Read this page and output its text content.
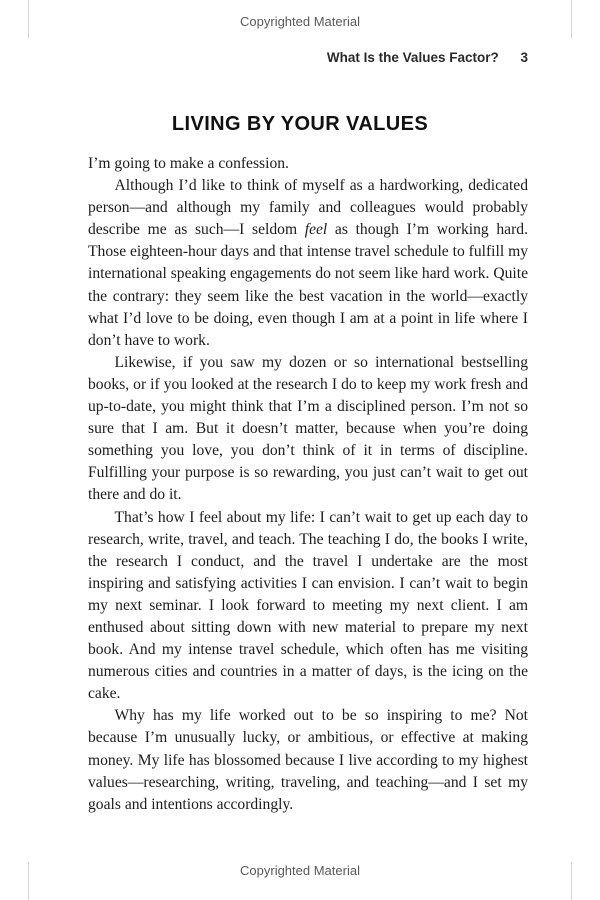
Copyrighted Material
What Is the Values Factor? 3
LIVING BY YOUR VALUES

I’m going to make a confession.

Although I’d like to think of myself as a hardworking, dedicated person—and although my family and colleagues would probably describe me as such—I seldom feel as though I’m working hard. Those eighteen-hour days and that intense travel schedule to fulfill my international speaking engagements do not seem like hard work. Quite the contrary: they seem like the best vacation in the world—exactly what I’d love to be doing, even though I am at a point in life where I don’t have to work.

Likewise, if you saw my dozen or so international bestselling books, or if you looked at the research I do to keep my work fresh and up-to-date, you might think that I’m a disciplined person. I’m not so sure that I am. But it doesn’t matter, because when you’re doing something you love, you don’t think of it in terms of discipline. Fulfilling your purpose is so rewarding, you just can’t wait to get out there and do it.

That’s how I feel about my life: I can’t wait to get up each day to research, write, travel, and teach. The teaching I do, the books I write, the research I conduct, and the travel I undertake are the most inspiring and satisfying activities I can envision. I can’t wait to begin my next seminar. I look forward to meeting my next client. I am enthused about sitting down with new material to prepare my next book. And my intense travel schedule, which often has me visiting numerous cities and countries in a matter of days, is the icing on the cake.

Why has my life worked out to be so inspiring to me? Not because I’m unusually lucky, or ambitious, or effective at making money. My life has blossomed because I live according to my highest values—researching, writing, traveling, and teaching—and I set my goals and intentions accordingly.

Copyrighted Material
